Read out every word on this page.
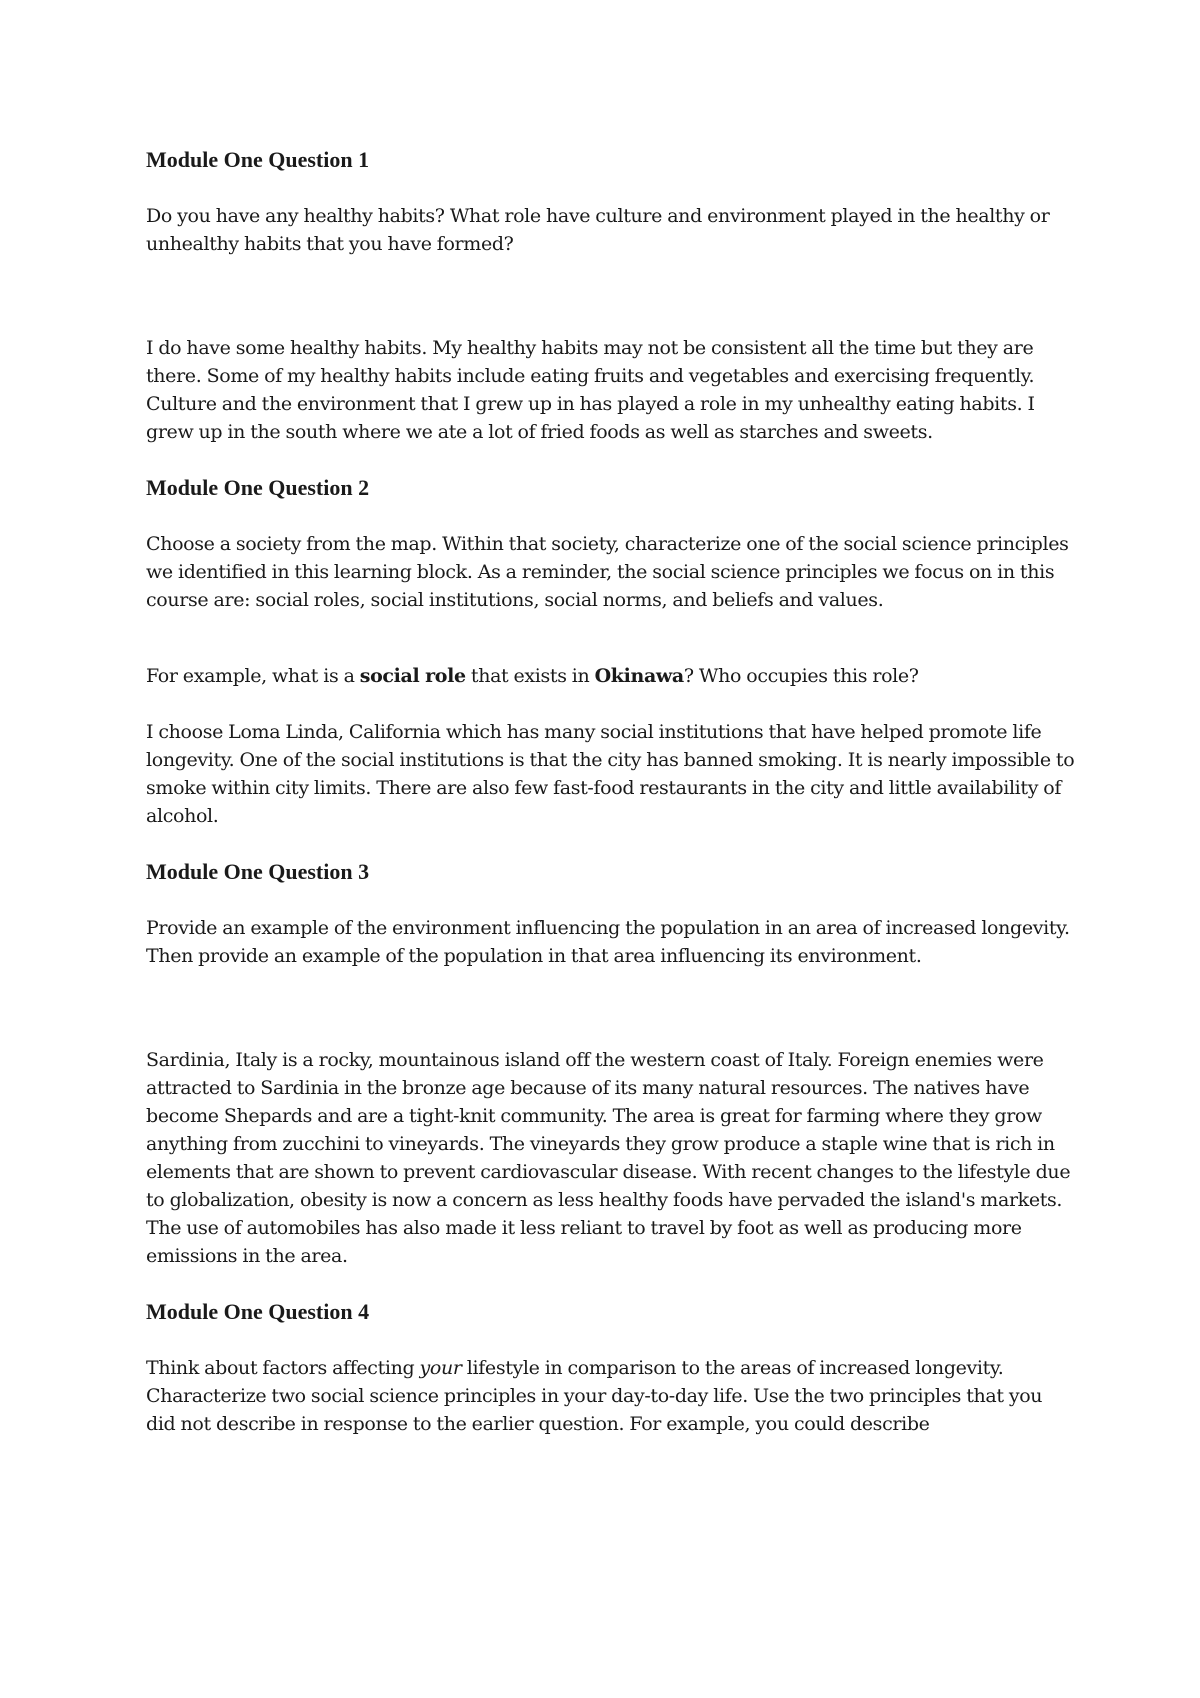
Module One Question 1

Do you have any healthy habits? What role have culture and environment played in the healthy or unhealthy habits that you have formed?

I do have some healthy habits. My healthy habits may not be consistent all the time but they are there. Some of my healthy habits include eating fruits and vegetables and exercising frequently. Culture and the environment that I grew up in has played a role in my unhealthy eating habits. I grew up in the south where we ate a lot of fried foods as well as starches and sweets.

Module One Question 2

Choose a society from the map. Within that society, characterize one of the social science principles we identified in this learning block. As a reminder, the social science principles we focus on in this course are: social roles, social institutions, social norms, and beliefs and values.

For example, what is a social role that exists in Okinawa? Who occupies this role?

I choose Loma Linda, California which has many social institutions that have helped promote life longevity. One of the social institutions is that the city has banned smoking. It is nearly impossible to smoke within city limits. There are also few fast-food restaurants in the city and little availability of alcohol.

Module One Question 3

Provide an example of the environment influencing the population in an area of increased longevity. Then provide an example of the population in that area influencing its environment.

Sardinia, Italy is a rocky, mountainous island off the western coast of Italy. Foreign enemies were attracted to Sardinia in the bronze age because of its many natural resources. The natives have become Shepards and are a tight-knit community. The area is great for farming where they grow anything from zucchini to vineyards. The vineyards they grow produce a staple wine that is rich in elements that are shown to prevent cardiovascular disease. With recent changes to the lifestyle due to globalization, obesity is now a concern as less healthy foods have pervaded the island's markets. The use of automobiles has also made it less reliant to travel by foot as well as producing more emissions in the area.

Module One Question 4

Think about factors affecting your lifestyle in comparison to the areas of increased longevity. Characterize two social science principles in your day-to-day life. Use the two principles that you did not describe in response to the earlier question. For example, you could describe
